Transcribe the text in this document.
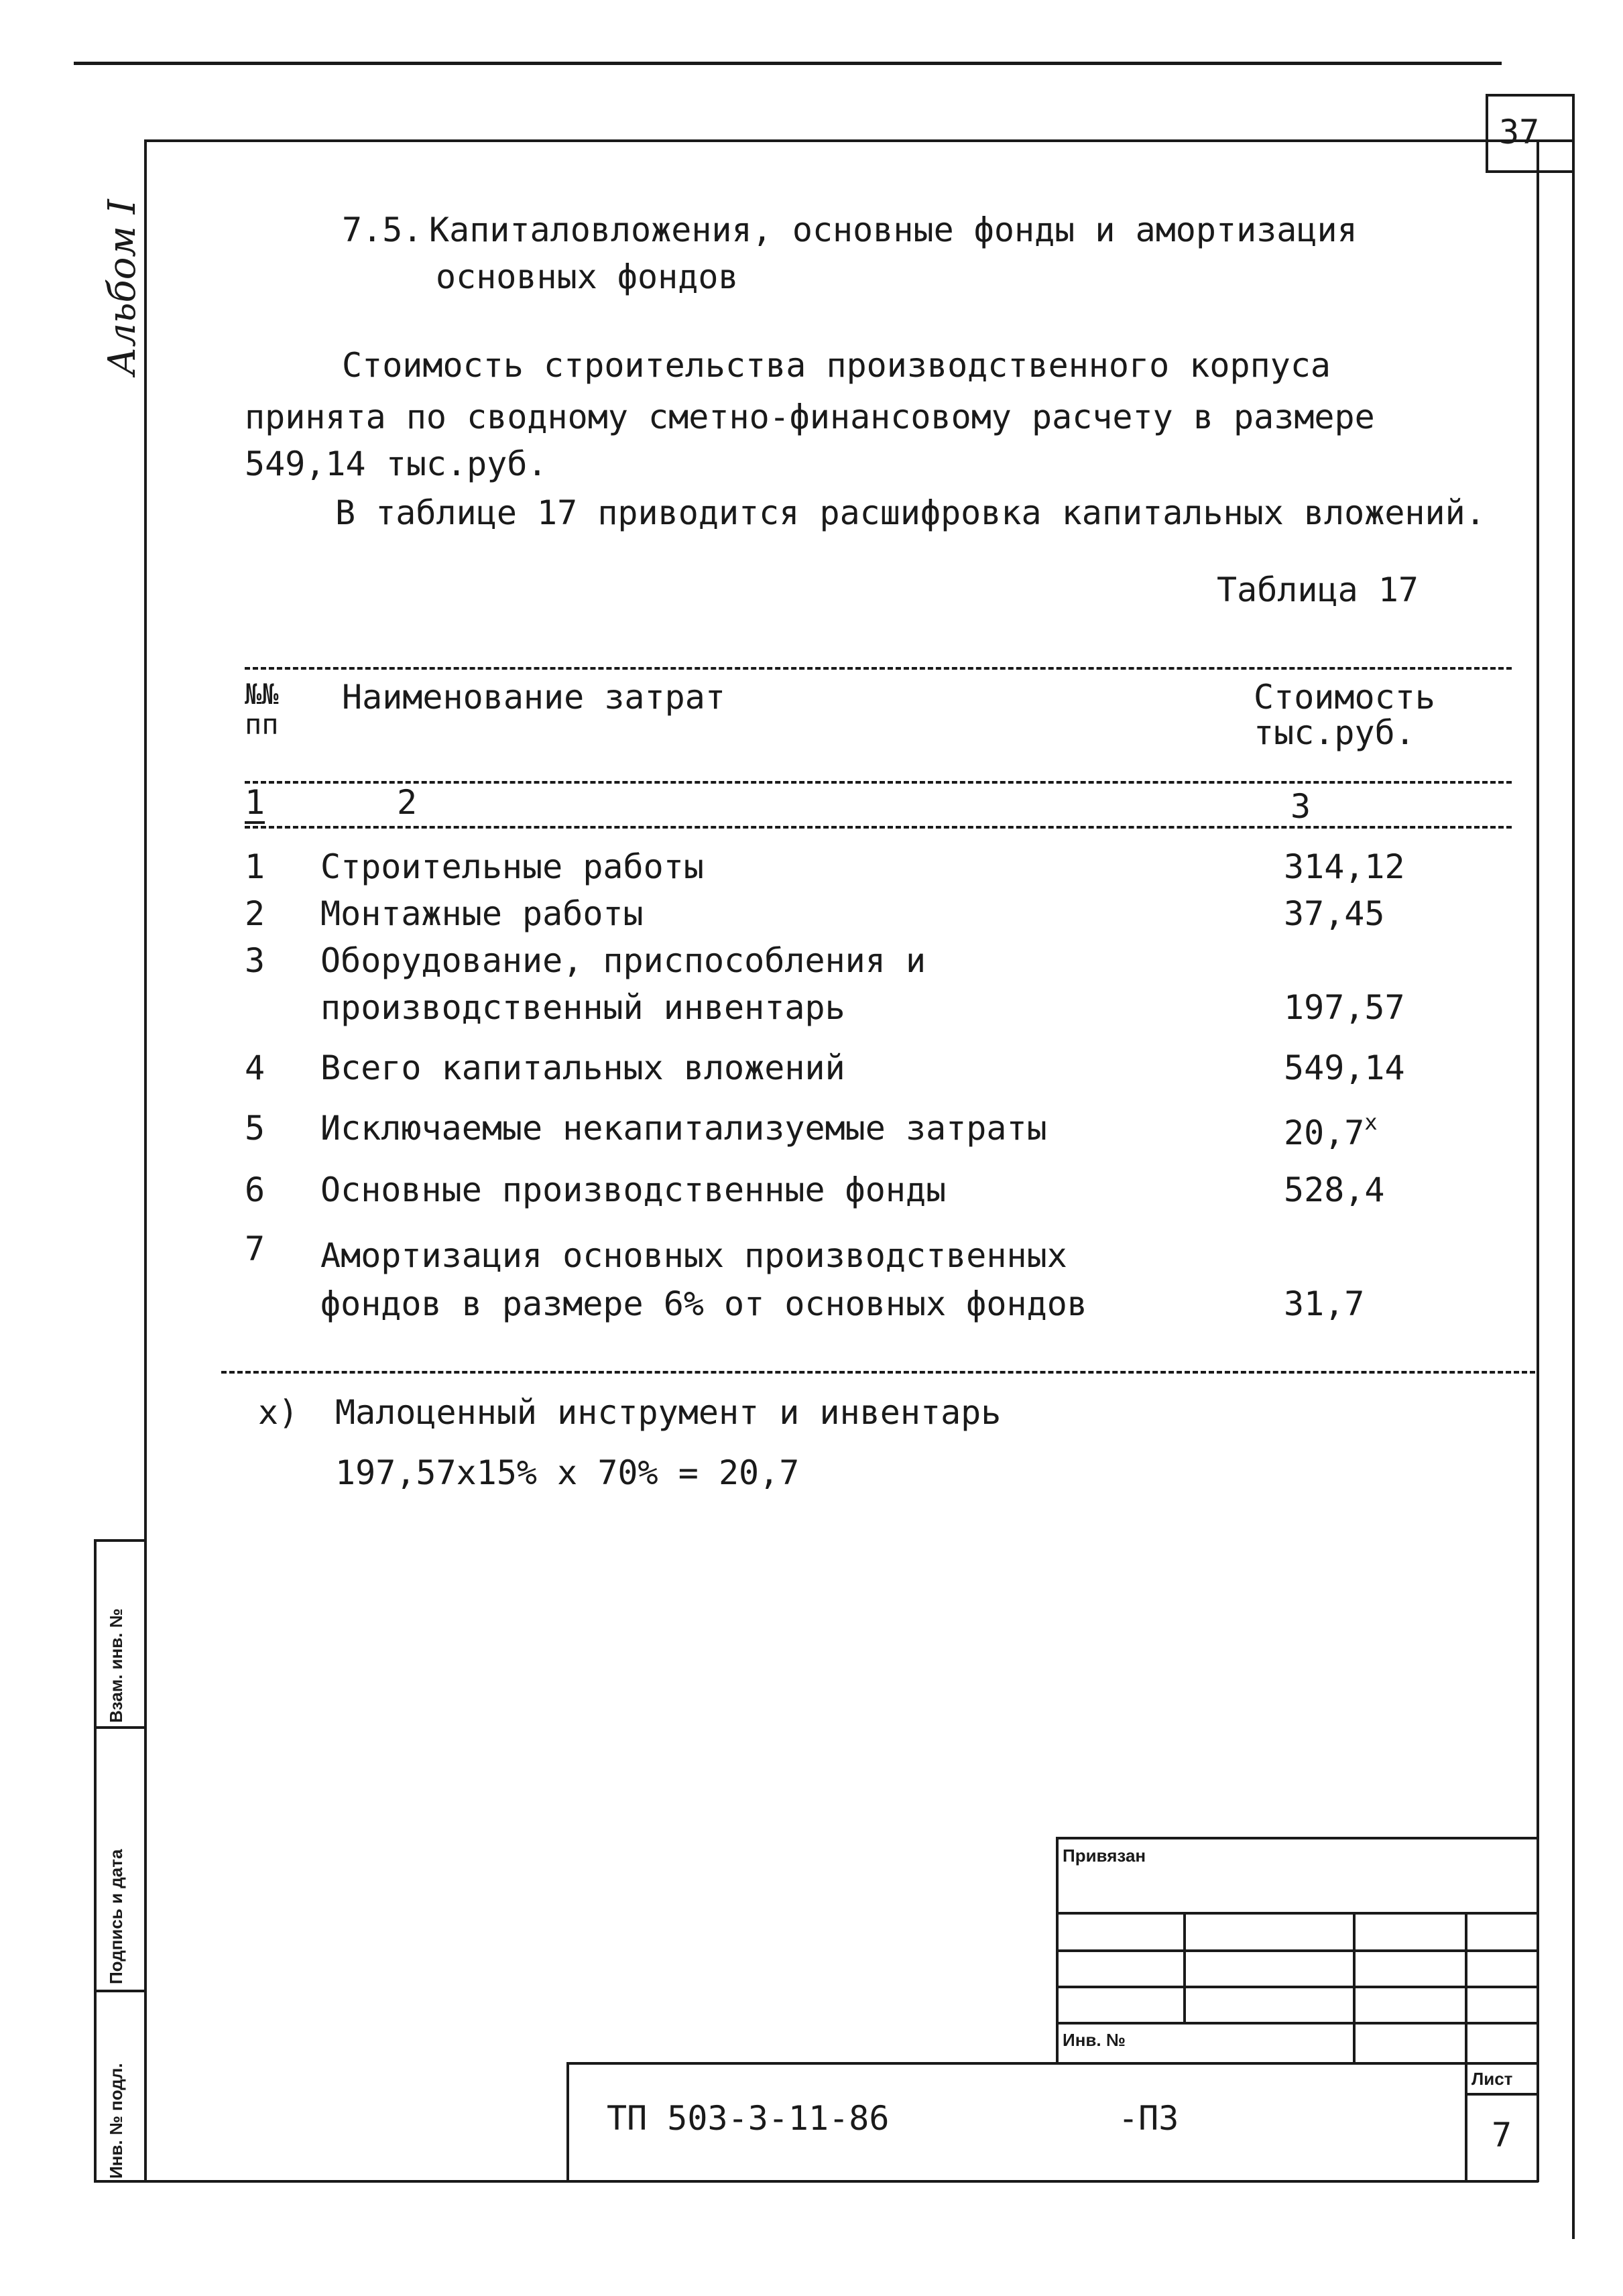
37
Альбом I	7.5. Капиталовложения, основные фонды и амортизация
основных фондов
Стоимость строительства производственного корпуса
принята по сводному сметно-финансовому расчету в размере
549,14 тыс.руб.
В таблице 17 приводится расшифровка капитальных вложений.
Таблица 17
№№
пп
Наименование затрат	Стоимость
тыс.руб.
1	2	3
1 Строительные работы	314,12
2 Монтажные работы	37,45
3 Оборудование, приспособления и
производственный инвентарь	197,57
4 Всего капитальных вложений	549,14
5 Исключаемые некапитализуемые затраты	20,7$^x$
6 Основные производственные фонды	528,4
7 Амортизация основных производственных
фондов в размере 6% от основных фондов	31,7
x) Малоценный инструмент и инвентарь
197,57x15% x 70% = 20,7
Взам. инв. №
Подпись и дата
Инв. № подл.
Привязан
Инв. №
ТП 503-3-11-86	-ПЗ
Лист
7
